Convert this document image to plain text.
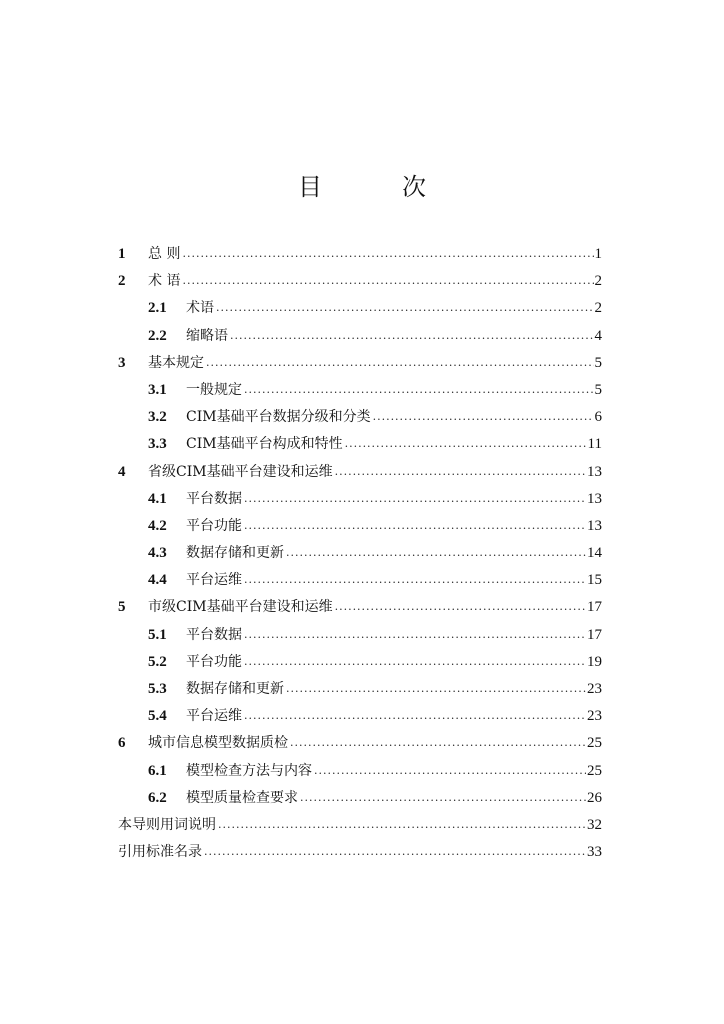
目　次
1	总 则 .....	1
2	术 语 .....	2
2.1	术语 .....	2
2.2	缩略语 .....	4
3	基本规定 .....	5
3.1	一般规定 .....	5
3.2	CIM基础平台数据分级和分类 .....	6
3.3	CIM基础平台构成和特性 .....	11
4	省级CIM基础平台建设和运维 .....	13
4.1	平台数据 .....	13
4.2	平台功能 .....	13
4.3	数据存储和更新 .....	14
4.4	平台运维 .....	15
5	市级CIM基础平台建设和运维 .....	17
5.1	平台数据 .....	17
5.2	平台功能 .....	19
5.3	数据存储和更新 .....	23
5.4	平台运维 .....	23
6	城市信息模型数据质检 .....	25
6.1	模型检查方法与内容 .....	25
6.2	模型质量检查要求 .....	26
本导则用词说明 .....	32
引用标准名录 .....	33
